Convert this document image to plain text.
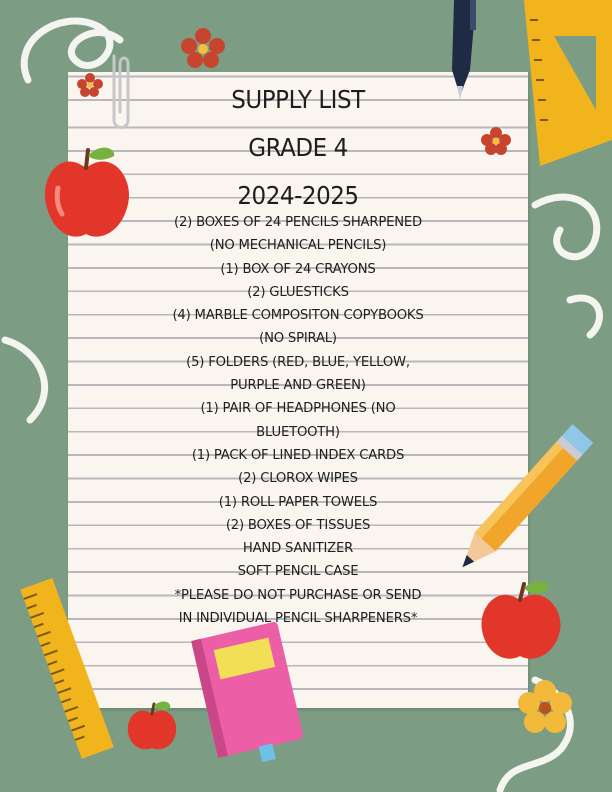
SUPPLY LIST
GRADE 4
2024-2025
(2) BOXES OF 24 PENCILS SHARPENED
(NO MECHANICAL PENCILS)
(1) BOX OF 24 CRAYONS
(2) GLUESTICKS
(4) MARBLE COMPOSITON COPYBOOKS
(NO SPIRAL)
(5) FOLDERS (RED, BLUE, YELLOW,
PURPLE AND GREEN)
(1) PAIR OF HEADPHONES (NO
BLUETOOTH)
(1) PACK OF LINED INDEX CARDS
(2) CLOROX WIPES
(1) ROLL PAPER TOWELS
(2) BOXES OF TISSUES
HAND SANITIZER
SOFT PENCIL CASE
*PLEASE DO NOT PURCHASE OR SEND
IN INDIVIDUAL PENCIL SHARPENERS*
